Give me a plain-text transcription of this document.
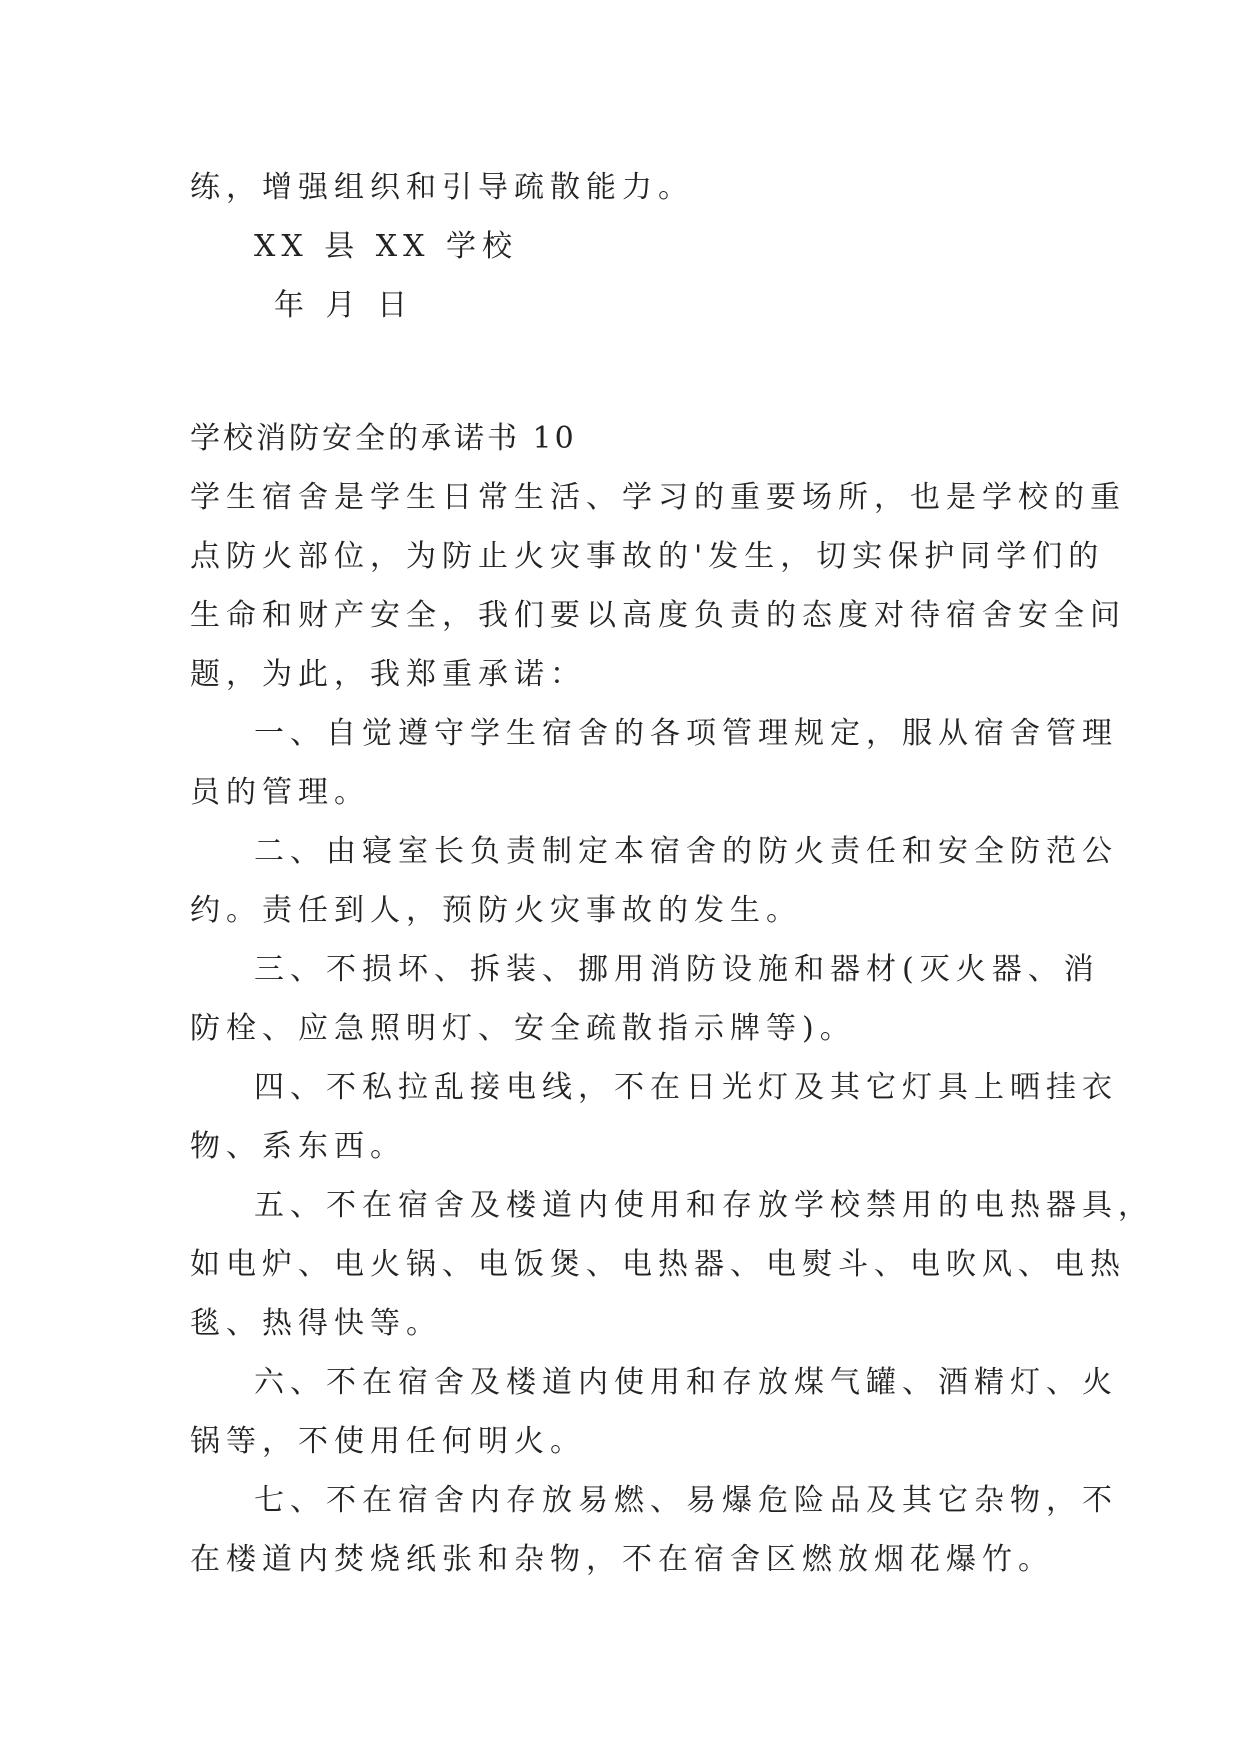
练，增强组织和引导疏散能力。
XX 县 XX 学校
年 月 日
学校消防安全的承诺书 10
学生宿舍是学生日常生活、学习的重要场所，也是学校的重
点防火部位，为防止火灾事故的'发生，切实保护同学们的
生命和财产安全，我们要以高度负责的态度对待宿舍安全问
题，为此，我郑重承诺：
一、自觉遵守学生宿舍的各项管理规定，服从宿舍管理
员的管理。
二、由寝室长负责制定本宿舍的防火责任和安全防范公
约。责任到人，预防火灾事故的发生。
三、不损坏、拆装、挪用消防设施和器材(灭火器、消
防栓、应急照明灯、安全疏散指示牌等)。
四、不私拉乱接电线，不在日光灯及其它灯具上晒挂衣
物、系东西。
五、不在宿舍及楼道内使用和存放学校禁用的电热器具，
如电炉、电火锅、电饭煲、电热器、电熨斗、电吹风、电热
毯、热得快等。
六、不在宿舍及楼道内使用和存放煤气罐、酒精灯、火
锅等，不使用任何明火。
七、不在宿舍内存放易燃、易爆危险品及其它杂物，不
在楼道内焚烧纸张和杂物，不在宿舍区燃放烟花爆竹。
